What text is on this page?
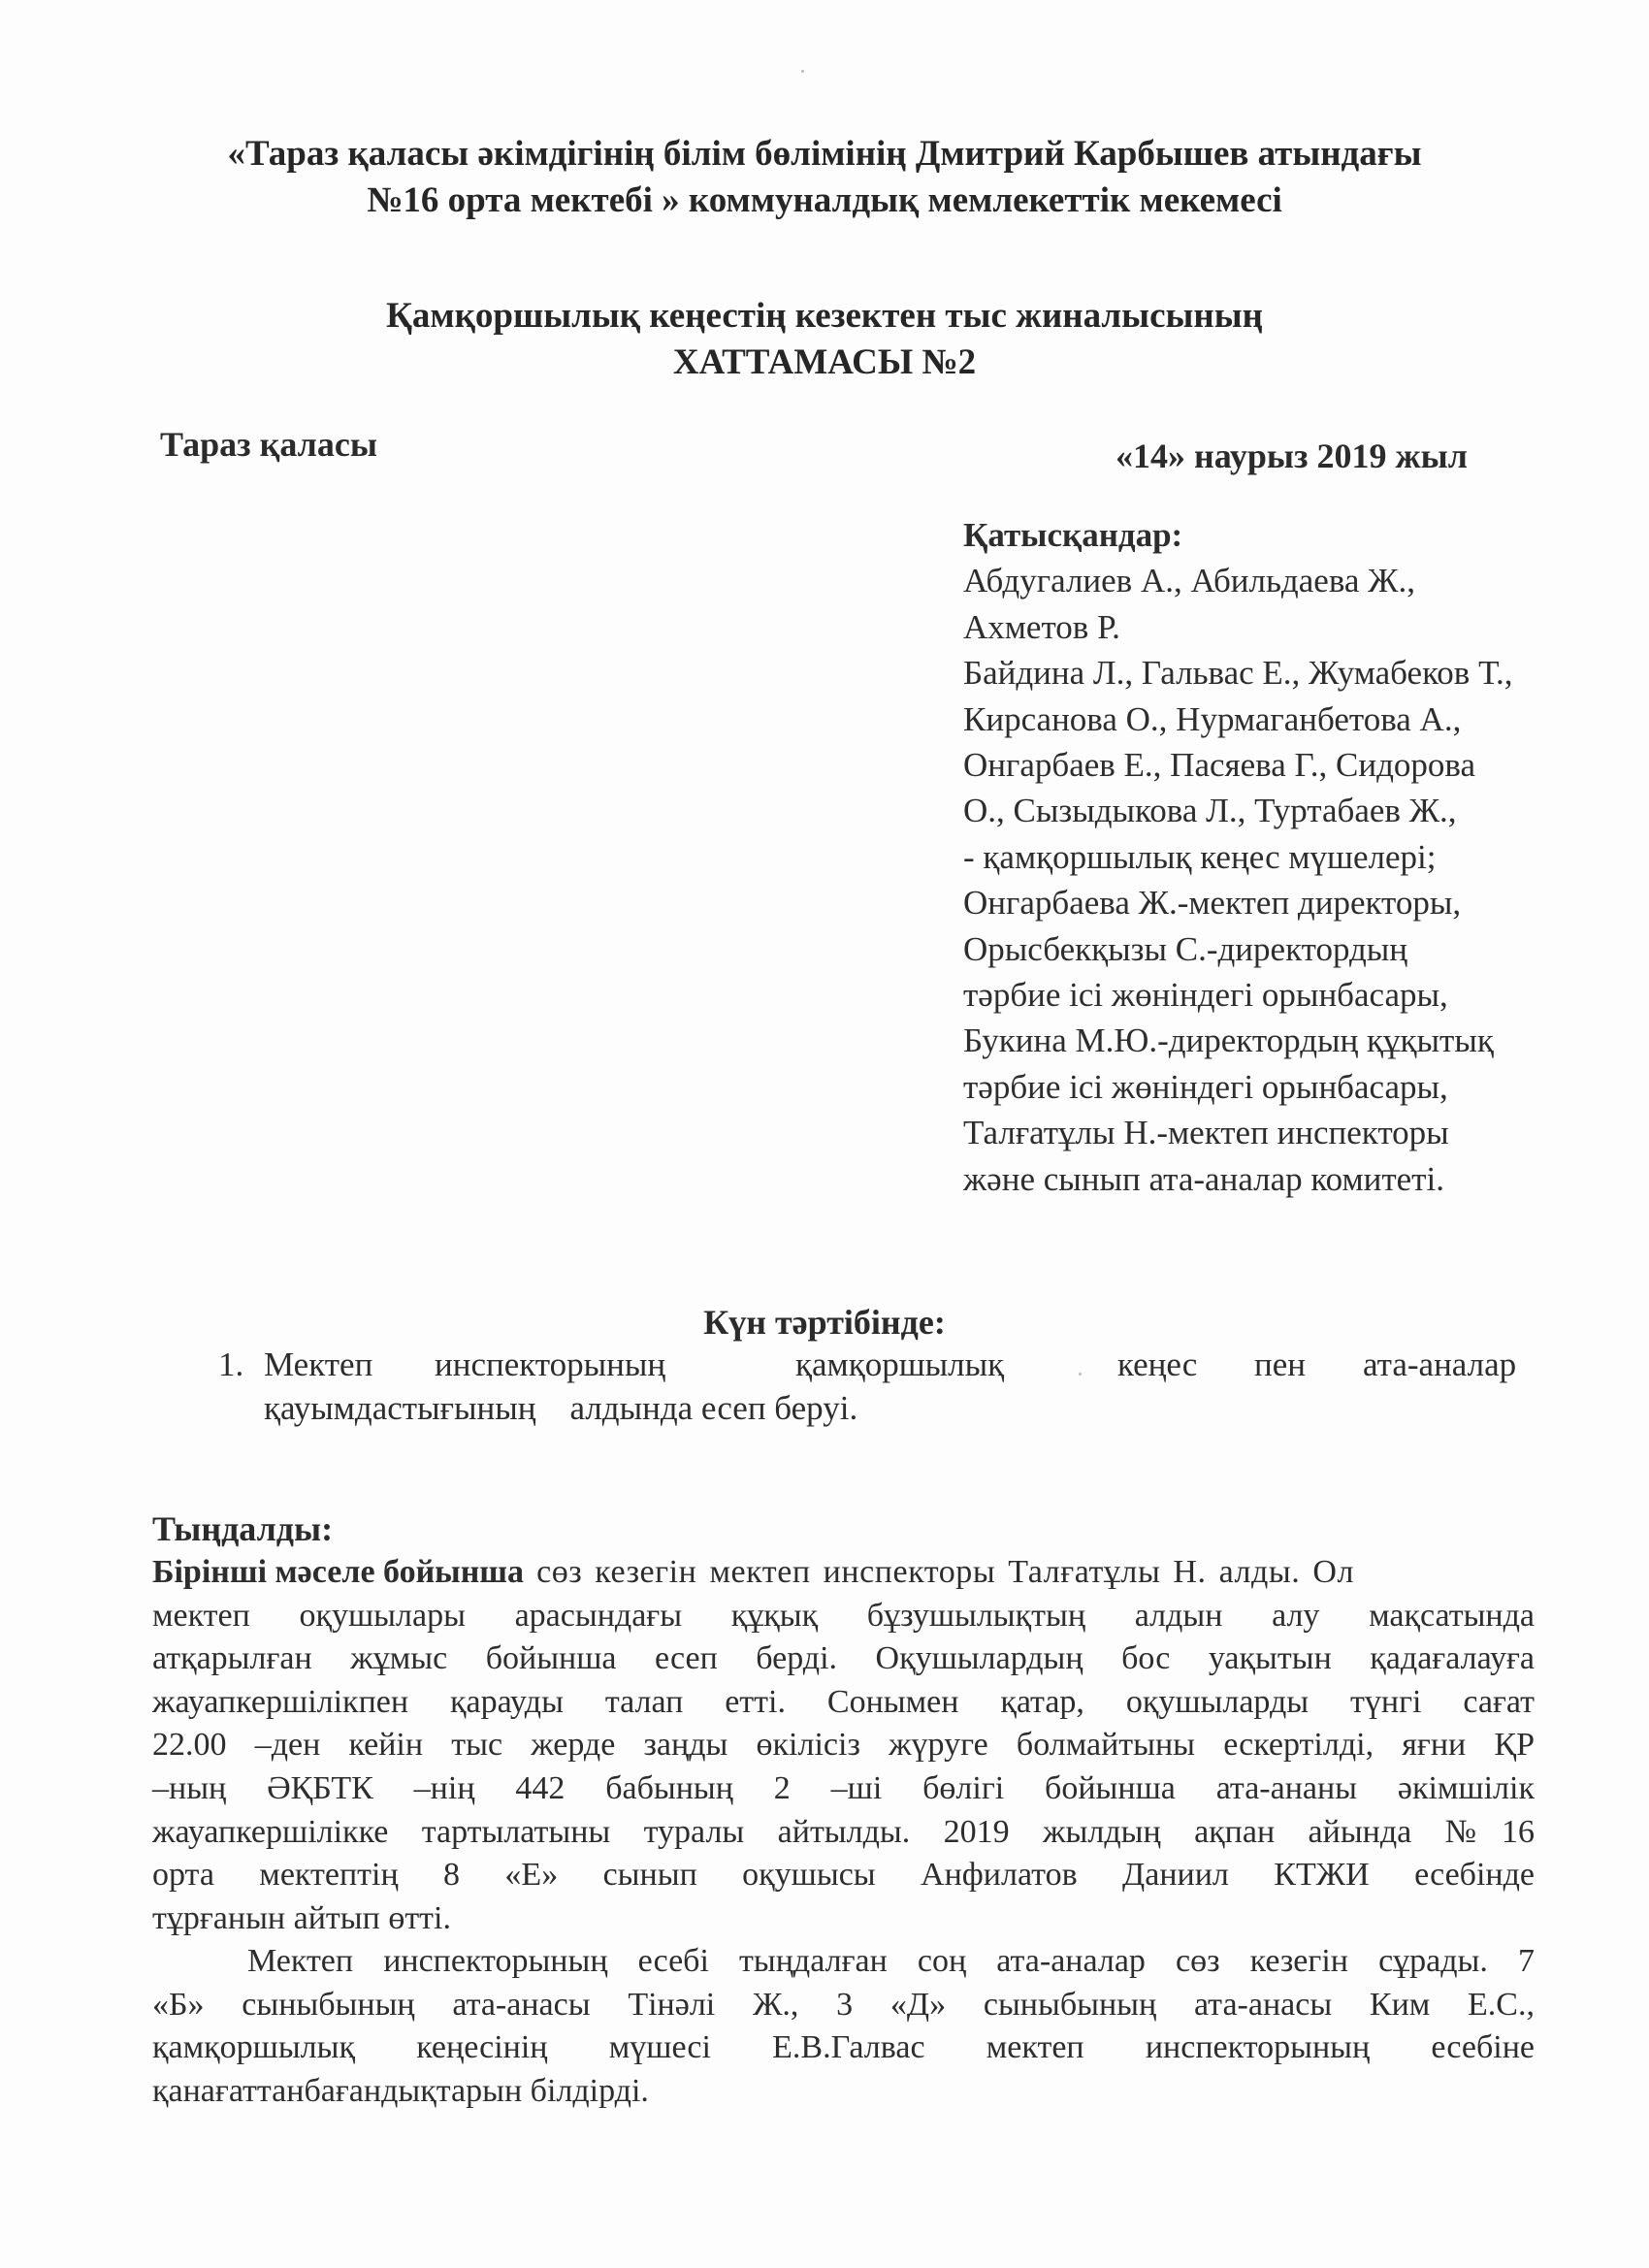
«Тараз қаласы әкімдігінің білім бөлімінің Дмитрий Карбышев атындағы
№16 орта мектебі » коммуналдық мемлекеттік мекемесі
Қамқоршылық кеңестің кезектен тыс жиналысының
ХАТТАМАСЫ №2
Тараз қаласы	«14» наурыз 2019 жыл
Қатысқандар:
Абдугалиев А., Абильдаева Ж.,
Ахметов Р.
Байдина Л., Гальвас Е., Жумабеков Т.,
Кирсанова О., Нурмаганбетова А.,
Онгарбаев Е., Пасяева Г., Сидорова
О., Сызыдыкова Л., Туртабаев Ж.,
- қамқоршылық кеңес мүшелері;
Онгарбаева Ж.-мектеп директоры,
Орысбекқызы С.-директордың
тәрбие ісі жөніндегі орынбасары,
Букина М.Ю.-директордың құқытық
тәрбие ісі жөніндегі орынбасары,
Талғатұлы Н.-мектеп инспекторы
және сынып ата-аналар комитеті.
Күн тәртібінде:
1. Мектеп инспекторының	қамқоршылық	кеңес пен ата-аналар
қауымдастығының    алдында есеп беруі.
Тыңдалды:
Бірінші мәселе бойынша сөз кезегін мектеп инспекторы Талғатұлы Н. алды. Ол
мектеп оқушылары арасындағы құқық бұзушылықтың алдын алу мақсатында
атқарылған жұмыс бойынша есеп берді. Оқушылардың бос уақытын қадағалауға
жауапкершілікпен қарауды талап етті. Сонымен қатар, оқушыларды түнгі сағат
22.00 –ден кейін тыс жерде заңды өкілісіз жүруге болмайтыны ескертілді, яғни ҚР
–ның ӘҚБТК –нің 442 бабының 2 –ші бөлігі бойынша ата-ананы әкімшілік
жауапкершілікке тартылатыны туралы айтылды. 2019 жылдың ақпан айында №16
орта мектептің 8 «Е» сынып оқушысы Анфилатов Даниил КТЖИ есебінде
тұрғанын айтып өтті.
Мектеп инспекторының есебі тыңдалған соң ата-аналар сөз кезегін сұрады. 7
«Б» сыныбының ата-анасы Тінәлі Ж., 3 «Д» сыныбының ата-анасы Ким Е.С.,
қамқоршылық кеңесінің мүшесі Е.В.Галвас мектеп инспекторының есебіне
қанағаттанбағандықтарын білдірді.
